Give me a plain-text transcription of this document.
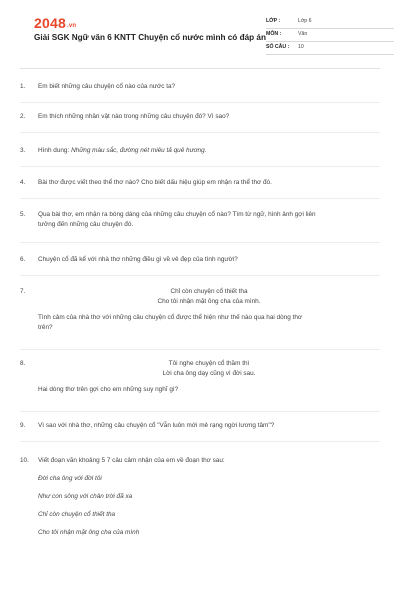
2048.vn
Giải SGK Ngữ văn 6 KNTT Chuyện cổ nước mình có đáp án
LỚP :	Lớp 6
MÔN :	Văn
SỐ CÂU : 10
1. Em biết những câu chuyện cổ nào của nước ta?
2. Em thích những nhân vật nào trong những câu chuyện đó? Vì sao?
3. Hình dung: Những màu sắc, đường nét miêu tả quê hương.
4. Bài thơ được viết theo thể thơ nào? Cho biết dấu hiệu giúp em nhận ra thể thơ đó.
5. Qua bài thơ, em nhận ra bóng dáng của những câu chuyện cổ nào? Tìm từ ngữ, hình ảnh gợi liên
tưởng đến những câu chuyện đó.
6. Chuyện cổ đã kể với nhà thơ những điều gì về vẻ đẹp của tình người?
7.	Chỉ còn chuyện cổ thiết tha
Cho tôi nhận mặt ông cha của mình.
Tình cảm của nhà thơ với những câu chuyện cổ được thể hiện như thế nào qua hai dòng thơ
trên?
8.	Tôi nghe chuyện cổ thầm thì
Lời cha ông dạy cũng vì đời sau.
Hai dòng thơ trên gợi cho em những suy nghĩ gì?
9. Vì sao với nhà thơ, những câu chuyện cổ "Vẫn luôn mới mẻ rạng ngời lương tâm"?
10. Viết đoạn văn khoảng 5 7 câu cảm nhận của em về đoạn thơ sau:
Đời cha ông với đời tôi
Như con sông với chân trời đã xa
Chỉ còn chuyện cổ thiết tha
Cho tôi nhận mặt ông cha của mình
